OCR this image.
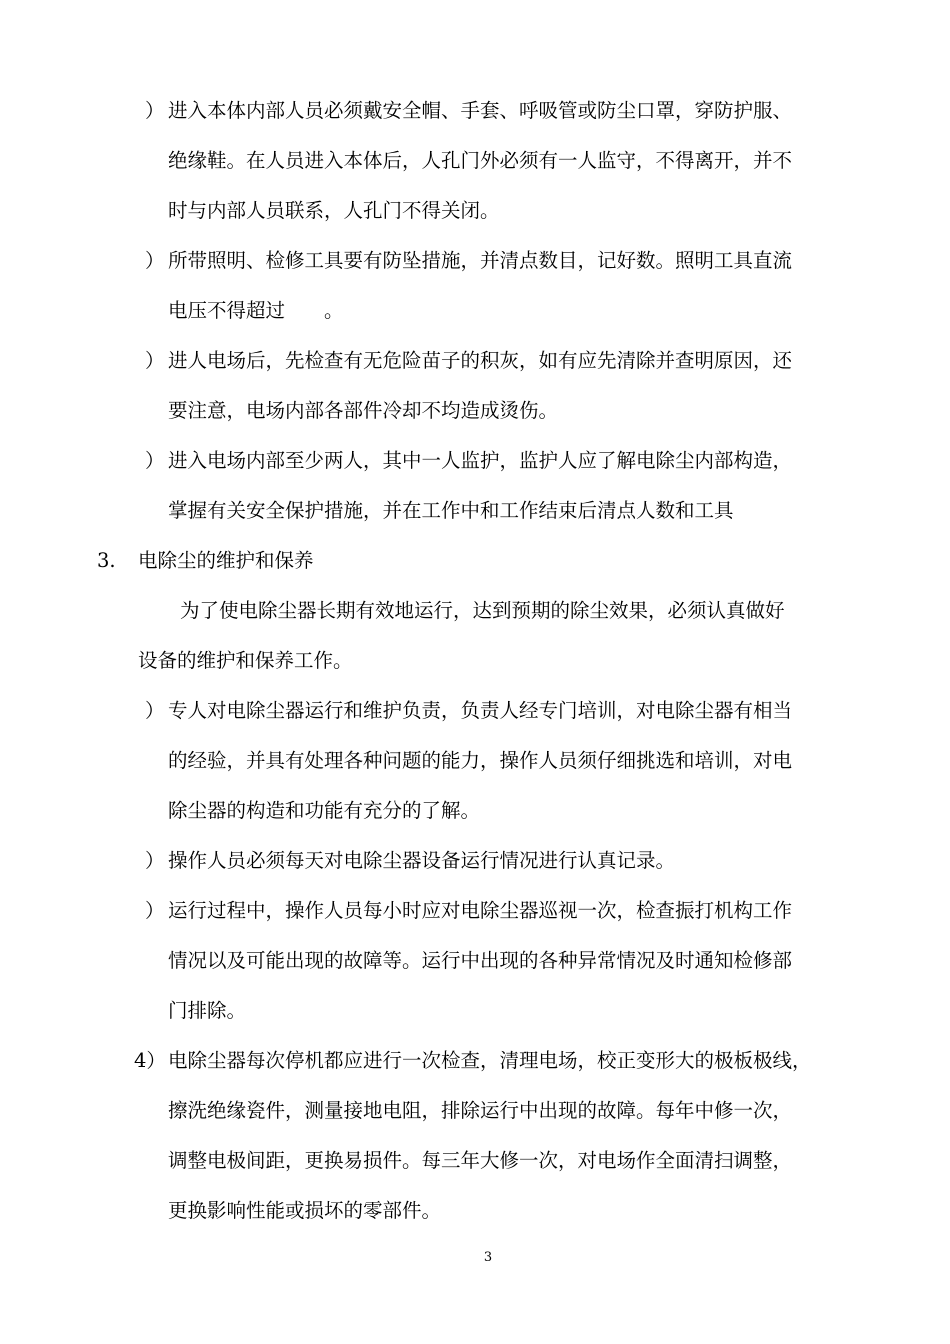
） 进入本体内部人员必须戴安全帽、手套、呼吸管或防尘口罩，穿防护服、
绝缘鞋。在人员进入本体后，人孔门外必须有一人监守，不得离开，并不
时与内部人员联系，人孔门不得关闭。
） 所带照明、检修工具要有防坠措施，并清点数目，记好数。照明工具直流
电压不得超过　　。
） 进人电场后，先检查有无危险苗子的积灰，如有应先清除并查明原因，还
要注意，电场内部各部件冷却不均造成烫伤。
） 进入电场内部至少两人，其中一人监护，监护人应了解电除尘内部构造，
掌握有关安全保护措施，并在工作中和工作结束后清点人数和工具
3. 电除尘的维护和保养
为了使电除尘器长期有效地运行，达到预期的除尘效果，必须认真做好
设备的维护和保养工作。
） 专人对电除尘器运行和维护负责，负责人经专门培训，对电除尘器有相当
的经验，并具有处理各种问题的能力，操作人员须仔细挑选和培训，对电
除尘器的构造和功能有充分的了解。
） 操作人员必须每天对电除尘器设备运行情况进行认真记录。
） 运行过程中，操作人员每小时应对电除尘器巡视一次，检查振打机构工作
情况以及可能出现的故障等。运行中出现的各种异常情况及时通知检修部
门排除。
4） 电除尘器每次停机都应进行一次检查，清理电场，校正变形大的极板极线，
擦洗绝缘瓷件，测量接地电阻，排除运行中出现的故障。每年中修一次，
调整电极间距，更换易损件。每三年大修一次，对电场作全面清扫调整，
更换影响性能或损坏的零部件。
3
